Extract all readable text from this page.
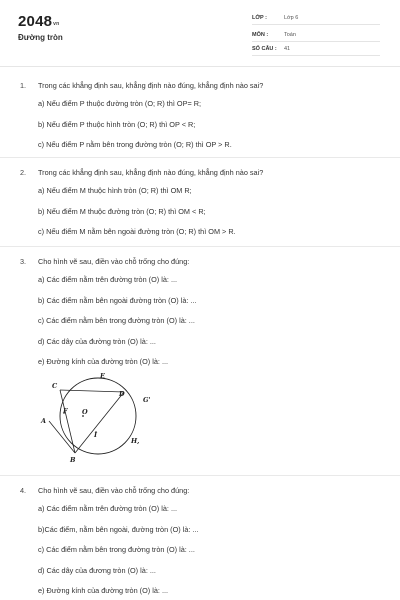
$2048^{vn}$
Đường tròn
LỚP :	Lớp 6
MÔN :	Toán
SỐ CÂU : 41
1. Trong các khẳng định sau, khẳng định nào đúng, khẳng định nào sai?
a) Nếu điểm P thuộc đường tròn (O; R) thì OP= R;
b) Nếu điểm P thuộc hình tròn (O; R) thì OP < R;
c) Nếu điểm P nằm bên trong đường tròn (O; R) thì OP > R.
2. Trong các khẳng định sau, khẳng định nào đúng, khẳng định nào sai?
a) Nếu điểm M thuộc hình tròn (O; R) thì OM R;
b) Nếu điểm M thuộc đường tròn (O; R) thì OM < R;
c) Nếu điểm M nằm bên ngoài đường tròn (O; R) thì OM > R.
3. Cho hình vẽ sau, điền vào chỗ trống cho đúng:
a) Các điểm nằm trên đường tròn (O) là: ...
b) Các điểm nằm bên ngoài đường tròn (O) là: ...
c) Các điểm nằm bên trong đường tròn (O) là: ...
d) Các dây của đường tròn (O) là: ...
e) Đường kính của đường tròn (O) là: ...
E
C
D
G'
F O
A
I
H,
B
4. Cho hình vẽ sau, điền vào chỗ trống cho đúng:
a) Các điểm nằm trên đường tròn (O) là: ...
b)Các điểm, nằm bên ngoài, đường tròn (O) là: ...
c) Các điểm nằm bên trong đường tròn (O) là: ...
d) Các dây của đương tròn (O) là: ...
e) Đường kính của đường tròn (O) là: ...
